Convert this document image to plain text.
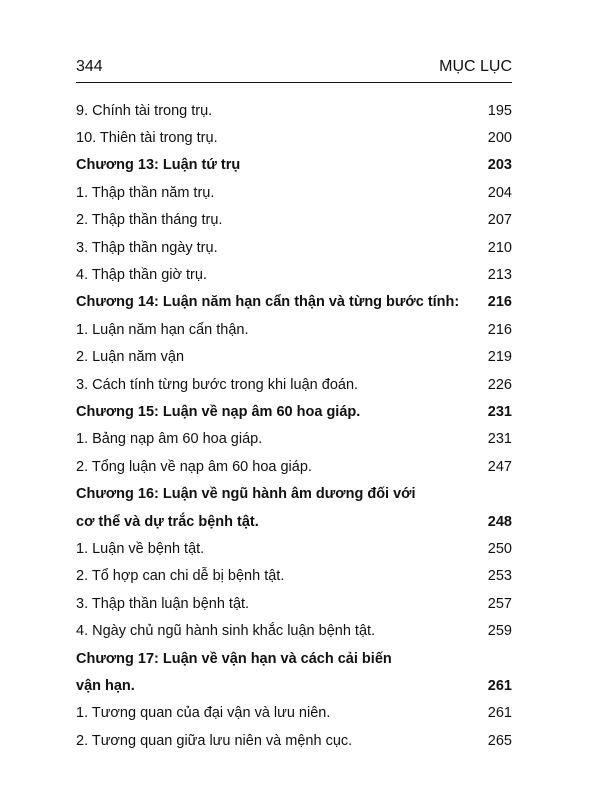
344	MỤC LỤC
9. Chính tài trong trụ.	195
10. Thiên tài trong trụ.	200
Chương 13: Luận tứ trụ	203
1. Thập thần năm trụ.	204
2. Thập thần tháng trụ.	207
3. Thập thần ngày trụ.	210
4. Thập thần giờ trụ.	213
Chương 14: Luận năm hạn cẩn thận và từng bước tính:	216
1. Luận năm hạn cẩn thận.	216
2. Luận năm vận	219
3. Cách tính từng bước trong khi luận đoán.	226
Chương 15: Luận về nạp âm 60 hoa giáp.	231
1. Bảng nạp âm 60 hoa giáp.	231
2. Tổng luận về nạp âm 60 hoa giáp.	247
Chương 16: Luận về ngũ hành âm dương đối với
cơ thể và dự trắc bệnh tật.	248
1. Luận về bệnh tật.	250
2. Tổ hợp can chi dễ bị bệnh tật.	253
3. Thập thần luận bệnh tật.	257
4. Ngày chủ ngũ hành sinh khắc luận bệnh tật.	259
Chương 17: Luận về vận hạn và cách cải biến
vận hạn.	261
1. Tương quan của đại vận và lưu niên.	261
2. Tương quan giữa lưu niên và mệnh cục.	265
